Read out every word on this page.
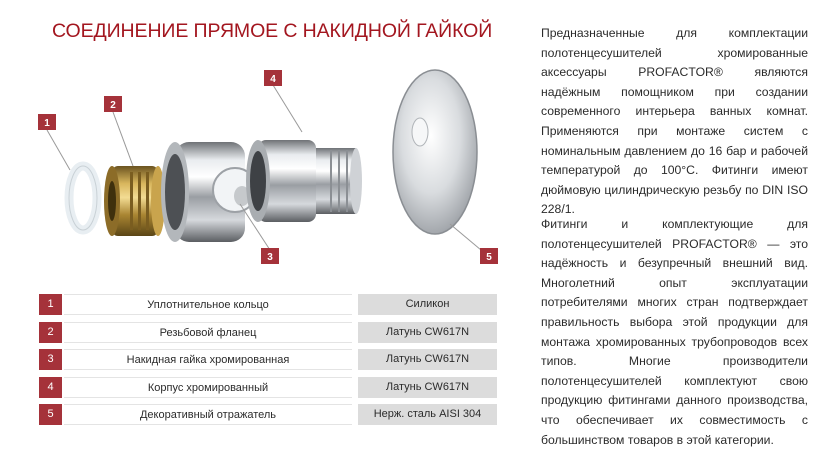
СОЕДИНЕНИЕ ПРЯМОЕ С НАКИДНОЙ ГАЙКОЙ
1
2
3
4
5
1	Уплотнительное кольцо	Силикон
2	Резьбовой фланец	Латунь CW617N
3	Накидная гайка хромированная	Латунь CW617N
4	Корпус хромированный	Латунь CW617N
5	Декоративный отражатель	Нерж. сталь AISI 304
Предназначенные для комплектации полотенцесушителей хромированные аксессуары PROFACTOR® являются надёжным помощником при создании современного интерьера ванных комнат. Применяются при монтаже систем с номинальным давлением до 16 бар и рабочей температурой до 100°С. Фитинги имеют дюймовую цилиндрическую резьбу по DIN ISO 228/1.
Фитинги и комплектующие для полотенцесушителей PROFACTOR® — это надёжность и безупречный внешний вид. Многолетний опыт эксплуатации потребителями многих стран подтверждает правильность выбора этой продукции для монтажа хромированных трубопроводов всех типов. Многие производители полотенцесушителей комплектуют свою продукцию фитингами данного производства, что обеспечивает их совместимость с большинством товаров в этой категории.
